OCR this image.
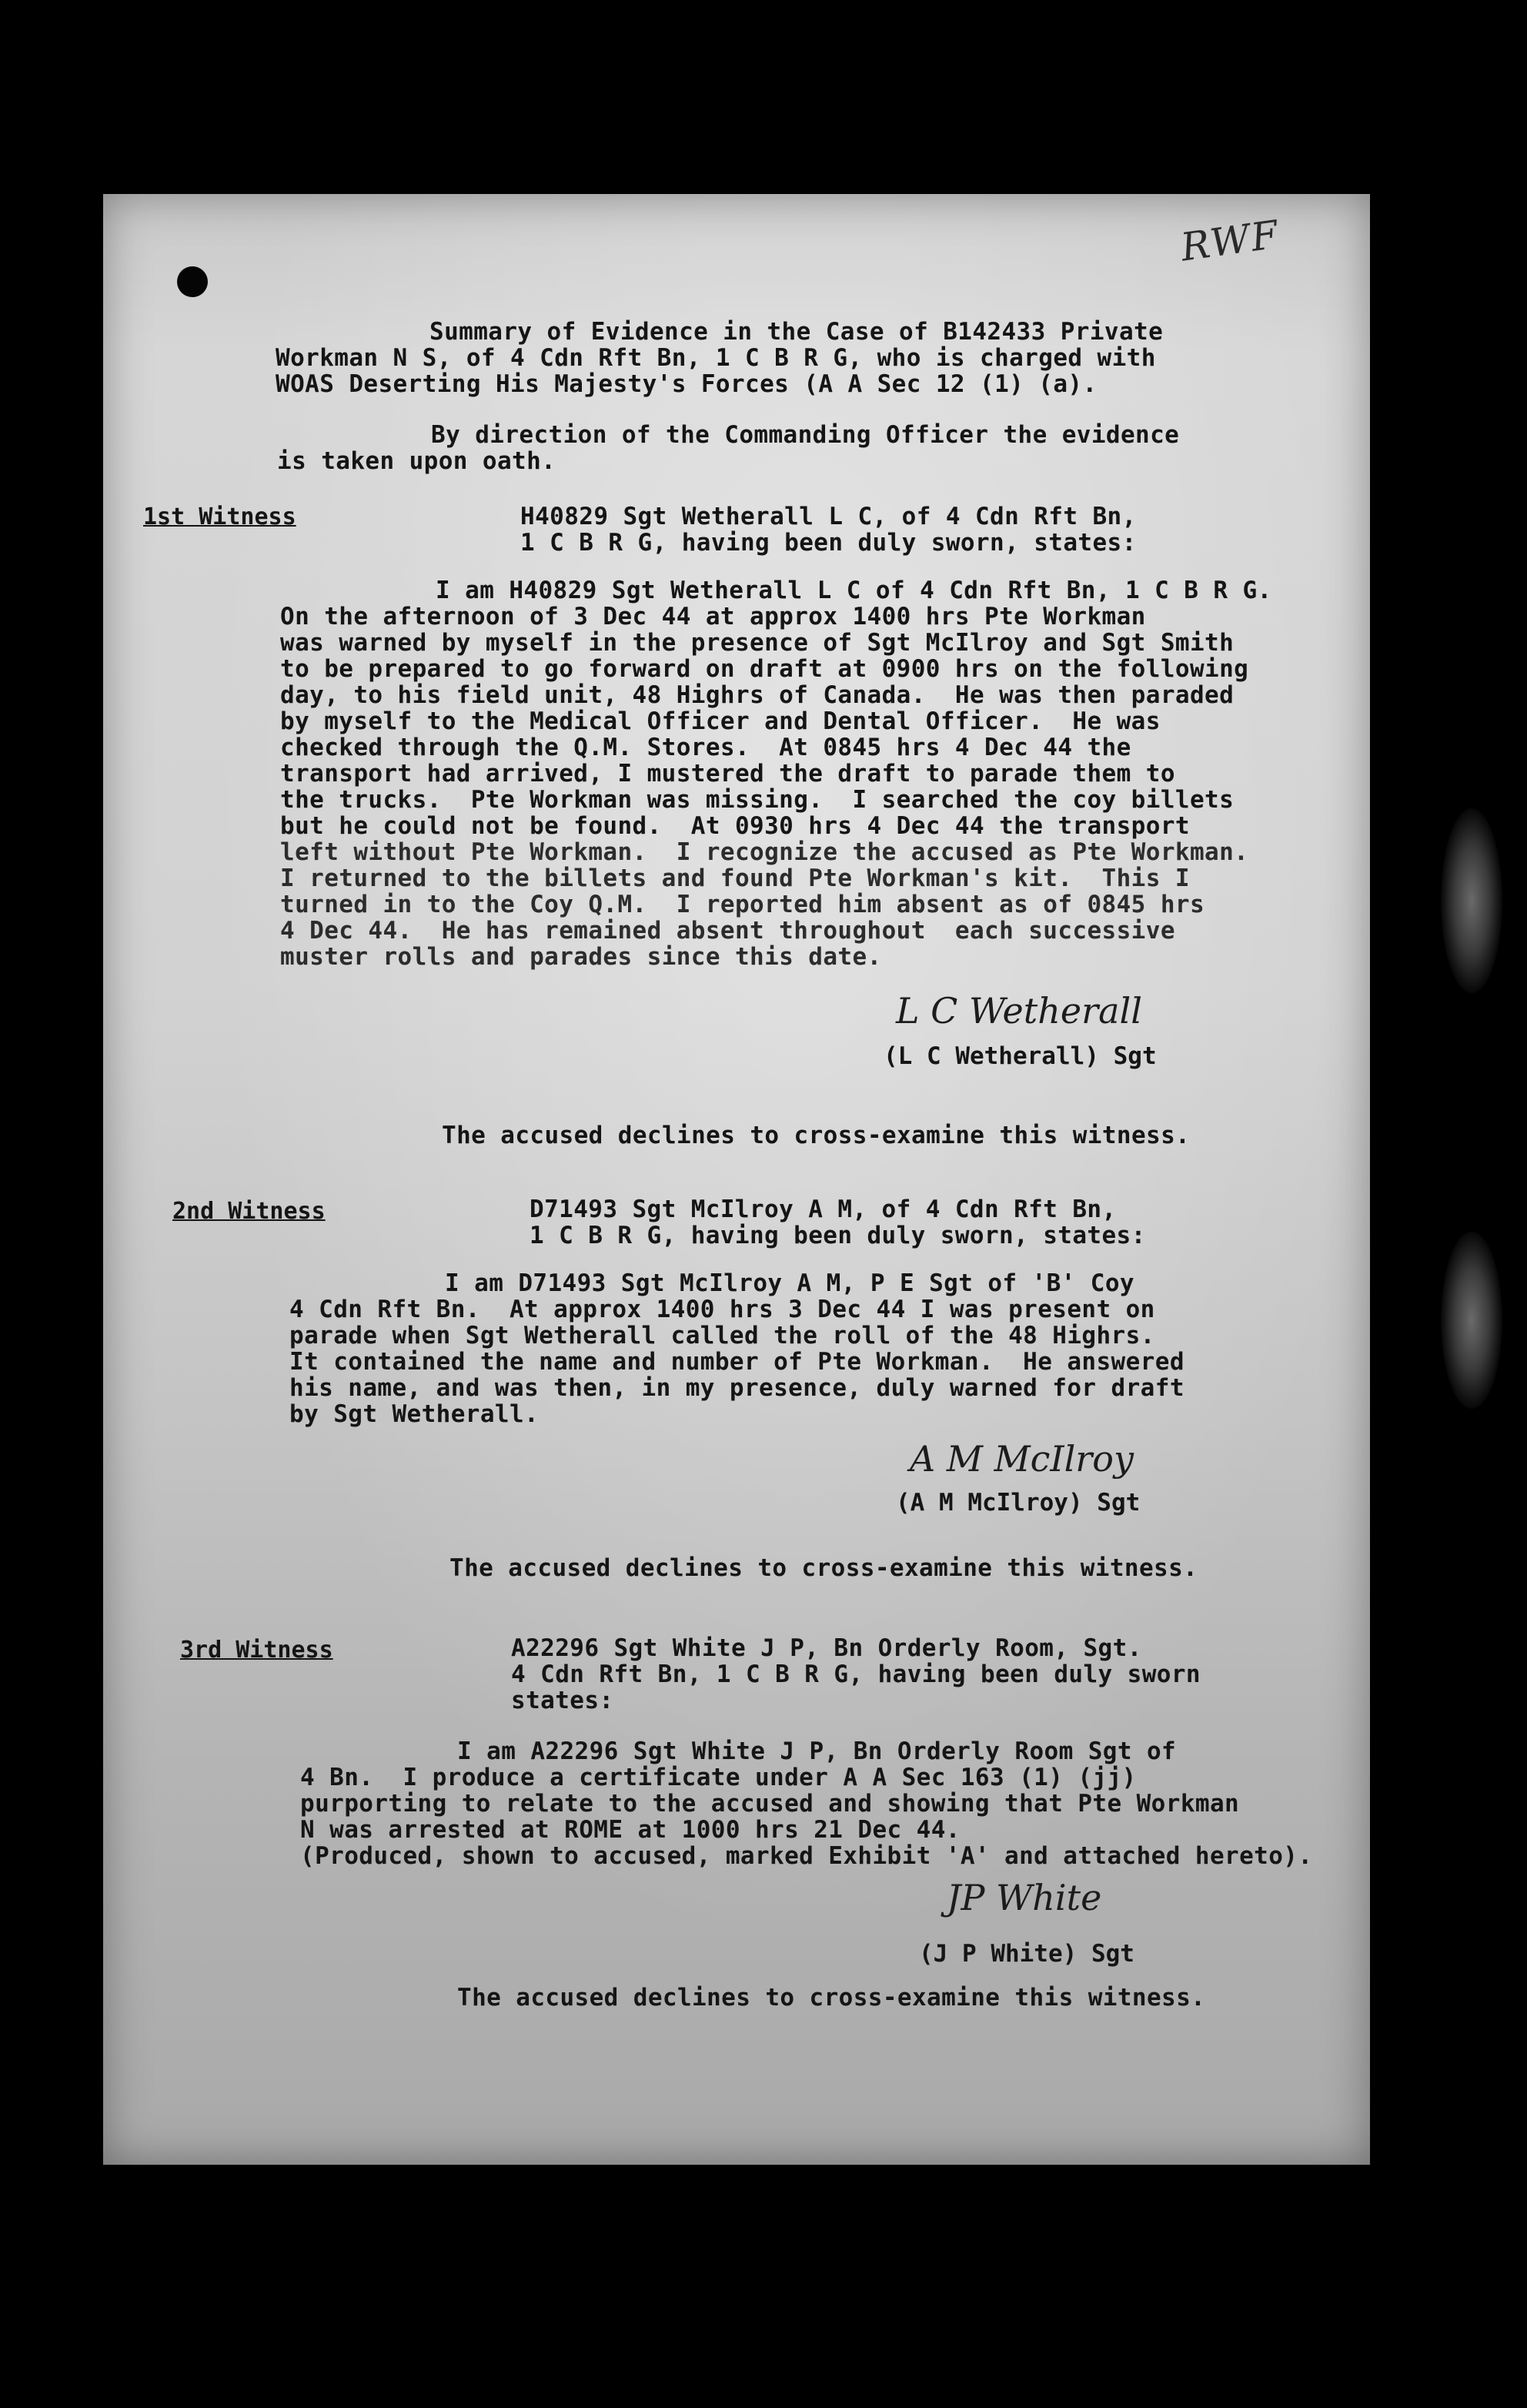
RWF
Summary of Evidence in the Case of B142433 Private
Workman N S, of 4 Cdn Rft Bn, 1 C B R G, who is charged with
WOAS Deserting His Majesty's Forces (A A Sec 12 (1) (a).
By direction of the Commanding Officer the evidence
is taken upon oath.
1st Witness	H40829 Sgt Wetherall L C, of 4 Cdn Rft Bn,
1 C B R G, having been duly sworn, states:
I am H40829 Sgt Wetherall L C of 4 Cdn Rft Bn, 1 C B R G.
On the afternoon of 3 Dec 44 at approx 1400 hrs Pte Workman
was warned by myself in the presence of Sgt McIlroy and Sgt Smith
to be prepared to go forward on draft at 0900 hrs on the following
day, to his field unit, 48 Highrs of Canada.  He was then paraded
by myself to the Medical Officer and Dental Officer.  He was
checked through the Q.M. Stores.  At 0845 hrs 4 Dec 44 the
transport had arrived, I mustered the draft to parade them to
the trucks.  Pte Workman was missing.  I searched the coy billets
but he could not be found.  At 0930 hrs 4 Dec 44 the transport
left without Pte Workman.  I recognize the accused as Pte Workman.
I returned to the billets and found Pte Workman's kit.  This I
turned in to the Coy Q.M.  I reported him absent as of 0845 hrs
4 Dec 44.  He has remained absent throughout  each successive
muster rolls and parades since this date.
L C Wetherall
(L C Wetherall) Sgt
The accused declines to cross-examine this witness.
2nd Witness	D71493 Sgt McIlroy A M, of 4 Cdn Rft Bn,
1 C B R G, having been duly sworn, states:
I am D71493 Sgt McIlroy A M, P E Sgt of 'B' Coy
4 Cdn Rft Bn.  At approx 1400 hrs 3 Dec 44 I was present on
parade when Sgt Wetherall called the roll of the 48 Highrs.
It contained the name and number of Pte Workman.  He answered
his name, and was then, in my presence, duly warned for draft
by Sgt Wetherall.
A M McIlroy
(A M McIlroy) Sgt
The accused declines to cross-examine this witness.
3rd Witness	A22296 Sgt White J P, Bn Orderly Room, Sgt.
4 Cdn Rft Bn, 1 C B R G, having been duly sworn
states:
I am A22296 Sgt White J P, Bn Orderly Room Sgt of
4 Bn.  I produce a certificate under A A Sec 163 (1) (jj)
purporting to relate to the accused and showing that Pte Workman
N was arrested at ROME at 1000 hrs 21 Dec 44.
(Produced, shown to accused, marked Exhibit 'A' and attached hereto).
JP White
(J P White) Sgt
The accused declines to cross-examine this witness.
